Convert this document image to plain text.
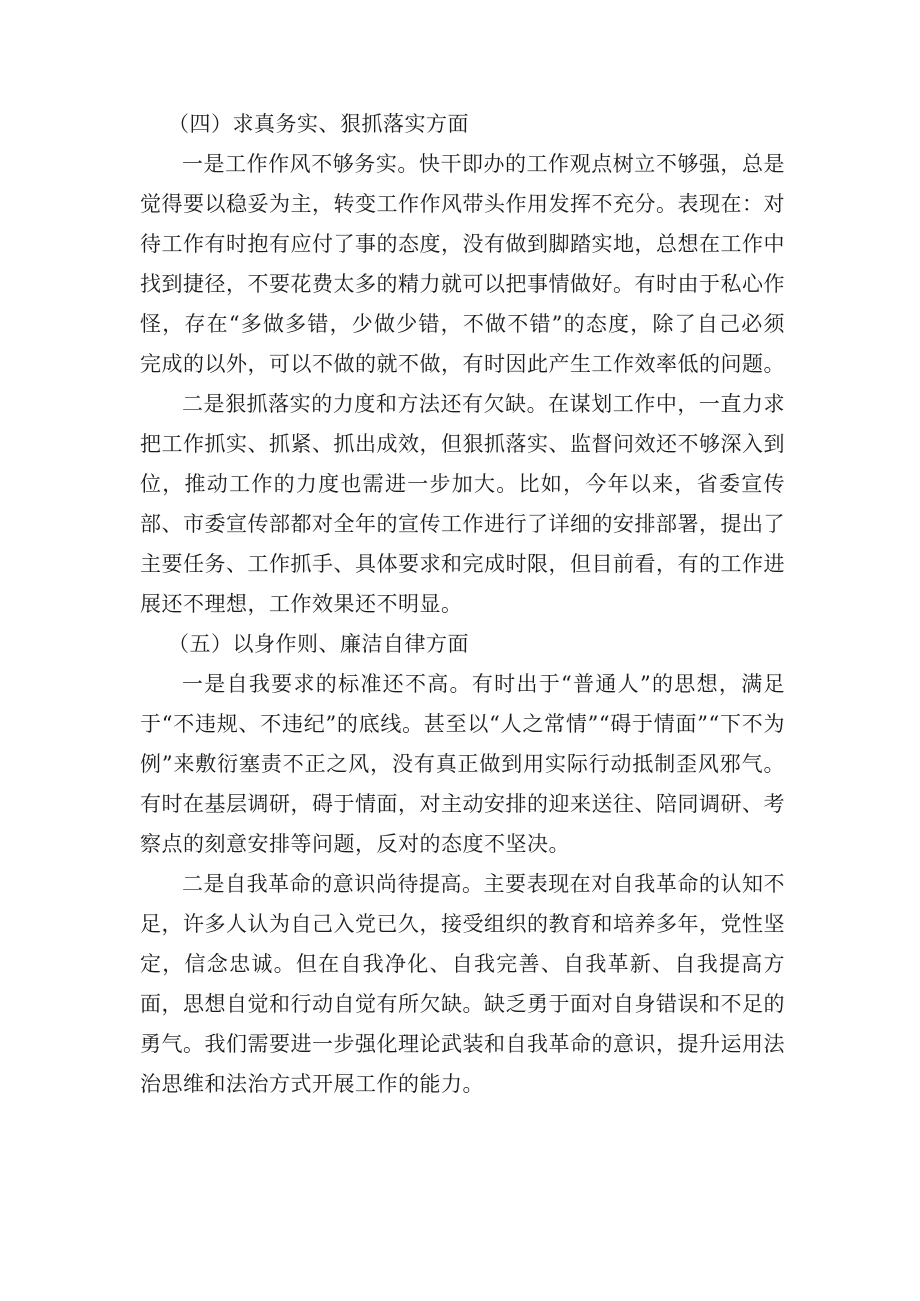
（四）求真务实、狠抓落实方面

一是工作作风不够务实。快干即办的工作观点树立不够强，总是觉得要以稳妥为主，转变工作作风带头作用发挥不充分。表现在：对待工作有时抱有应付了事的态度，没有做到脚踏实地，总想在工作中找到捷径，不要花费太多的精力就可以把事情做好。有时由于私心作怪，存在“多做多错，少做少错，不做不错”的态度，除了自己必须完成的以外，可以不做的就不做，有时因此产生工作效率低的问题。

二是狠抓落实的力度和方法还有欠缺。在谋划工作中，一直力求把工作抓实、抓紧、抓出成效，但狠抓落实、监督问效还不够深入到位，推动工作的力度也需进一步加大。比如，今年以来，省委宣传部、市委宣传部都对全年的宣传工作进行了详细的安排部署，提出了主要任务、工作抓手、具体要求和完成时限，但目前看，有的工作进展还不理想，工作效果还不明显。

（五）以身作则、廉洁自律方面

一是自我要求的标准还不高。有时出于“普通人”的思想，满足于“不违规、不违纪”的底线。甚至以“人之常情”“碍于情面”“下不为例”来敷衍塞责不正之风，没有真正做到用实际行动抵制歪风邪气。有时在基层调研，碍于情面，对主动安排的迎来送往、陪同调研、考察点的刻意安排等问题，反对的态度不坚决。

二是自我革命的意识尚待提高。主要表现在对自我革命的认知不足，许多人认为自己入党已久，接受组织的教育和培养多年，党性坚定，信念忠诚。但在自我净化、自我完善、自我革新、自我提高方面，思想自觉和行动自觉有所欠缺。缺乏勇于面对自身错误和不足的勇气。我们需要进一步强化理论武装和自我革命的意识，提升运用法治思维和法治方式开展工作的能力。
